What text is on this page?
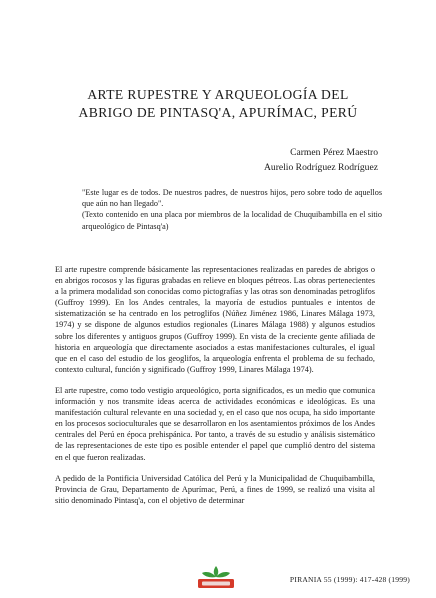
ARTE RUPESTRE Y ARQUEOLOGÍA DEL
ABRIGO DE PINTASQ'A, APURÍMAC, PERÚ
Carmen Pérez Maestro
Aurelio Rodríguez Rodríguez

"Este lugar es de todos. De nuestros padres, de nuestros hijos, pero sobre todo de aquellos que aún no han llegado".

(Texto contenido en una placa por miembros de la localidad de Chuquibambilla en el sitio arqueológico de Pintasq'a)

El arte rupestre comprende básicamente las representaciones realizadas en paredes de abrigos o en abrigos rocosos y las figuras grabadas en relieve en bloques pétreos. Las obras pertenecientes a la primera modalidad son conocidas como pictografías y las otras son denominadas petroglifos (Guffroy 1999). En los Andes centrales, la mayoría de estudios puntuales e intentos de sistematización se ha centrado en los petroglifos (Núñez Jiménez 1986, Linares Málaga 1973, 1974) y se dispone de algunos estudios regionales (Linares Málaga 1988) y algunos estudios sobre los diferentes y antiguos grupos (Guffroy 1999). En vista de la creciente gente afiliada de historia en arqueología que directamente asociados a estas manifestaciones culturales, el igual que en el caso del estudio de los geoglifos, la arqueología enfrenta el problema de su fechado, contexto cultural, función y significado (Guffroy 1999, Linares Málaga 1974).

El arte rupestre, como todo vestigio arqueológico, porta significados, es un medio que comunica información y nos transmite ideas acerca de actividades económicas e ideológicas. Es una manifestación cultural relevante en una sociedad y, en el caso que nos ocupa, ha sido importante en los procesos socioculturales que se desarrollaron en los asentamientos próximos de los Andes centrales del Perú en época prehispánica. Por tanto, a través de su estudio y análisis sistemático de las representaciones de este tipo es posible entender el papel que cumplió dentro del sistema en el que fueron realizadas.

A pedido de la Pontificia Universidad Católica del Perú y la Municipalidad de Chuquibambilla, Provincia de Grau, Departamento de Apurímac, Perú, a fines de 1999, se realizó una visita al sitio denominado Pintasq'a, con el objetivo de determinar

PIRANIA 55 (1999): 417-428 (1999)
